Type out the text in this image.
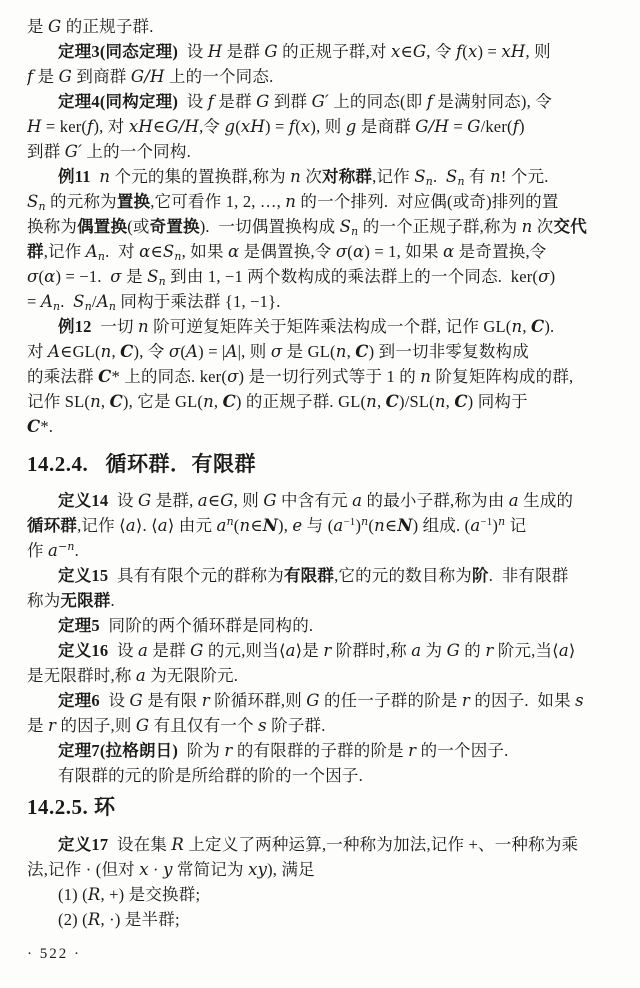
是 G 的正规子群.
定理3(同态定理)  设 H 是群 G 的正规子群,对 x∈G, 令 f(x) = xH, 则
f 是 G 到商群 G/H 上的一个同态.
定理4(同构定理)  设 f 是群 G 到群 G′ 上的同态(即 f 是满射同态), 令
H = ker(f), 对 xH∈G/H,令 g(xH) = f(x), 则 g 是商群 G/H = G/ker(f)
到群 G′ 上的一个同构.
例11 n 个元的集的置换群,称为 n 次对称群,记作 $S_n$.  $S_n$ 有 n! 个元.
$S_n$ 的元称为置换,它可看作 1, 2, …, n 的一个排列.  对应偶(或奇)排列的置
换称为偶置换(或奇置换).  一切偶置换构成 $S_n$ 的一个正规子群,称为 n 次交代
群,记作 $A_n$.  对 $\alpha\in S_n$, 如果 α 是偶置换,令 σ(α) = 1, 如果 α 是奇置换,令
σ(α) = −1.  σ 是 $S_n$ 到由 1, −1 两个数构成的乘法群上的一个同态.  ker(σ)
= $A_n$.  $S_n/A_n$ 同构于乘法群 {1, −1}.
例12  一切 n 阶可逆复矩阵关于矩阵乘法构成一个群, 记作 GL(n, C).
对 A∈GL(n, C), 令 σ(A) = |A|, 则 σ 是 GL(n, C) 到一切非零复数构成
的乘法群 C* 上的同态. ker(σ) 是一切行列式等于 1 的 n 阶复矩阵构成的群,
记作 SL(n, C), 它是 GL(n, C) 的正规子群. GL(n, C)/SL(n, C) 同构于
C*.
14.2.4.   循环群．有限群
定义14  设 G 是群, a∈G, 则 G 中含有元 a 的最小子群,称为由 a 生成的
循环群,记作 ⟨a⟩. ⟨a⟩ 由元 $a^n(n\in N)$, e 与 $(a^{-1})^n(n\in N)$ 组成. $(a^{-1})^n$ 记
作 $a^{-n}$.
定义15  具有有限个元的群称为有限群,它的元的数目称为阶.  非有限群
称为无限群.
定理5  同阶的两个循环群是同构的.
定义16  设 a 是群 G 的元,则当⟨a⟩是 r 阶群时,称 a 为 G 的 r 阶元,当⟨a⟩
是无限群时,称 a 为无限阶元.
定理6  设 G 是有限 r 阶循环群,则 G 的任一子群的阶是 r 的因子.  如果 s
是 r 的因子,则 G 有且仅有一个 s 阶子群.
定理7(拉格朗日)  阶为 r 的有限群的子群的阶是 r 的一个因子.
有限群的元的阶是所给群的阶的一个因子.
14.2.5. 环
定义17  设在集 R 上定义了两种运算,一种称为加法,记作 +、一种称为乘
法,记作 · (但对 x · y 常简记为 xy), 满足
(1) (R, +) 是交换群;
(2) (R, ·) 是半群;
· 522 ·
